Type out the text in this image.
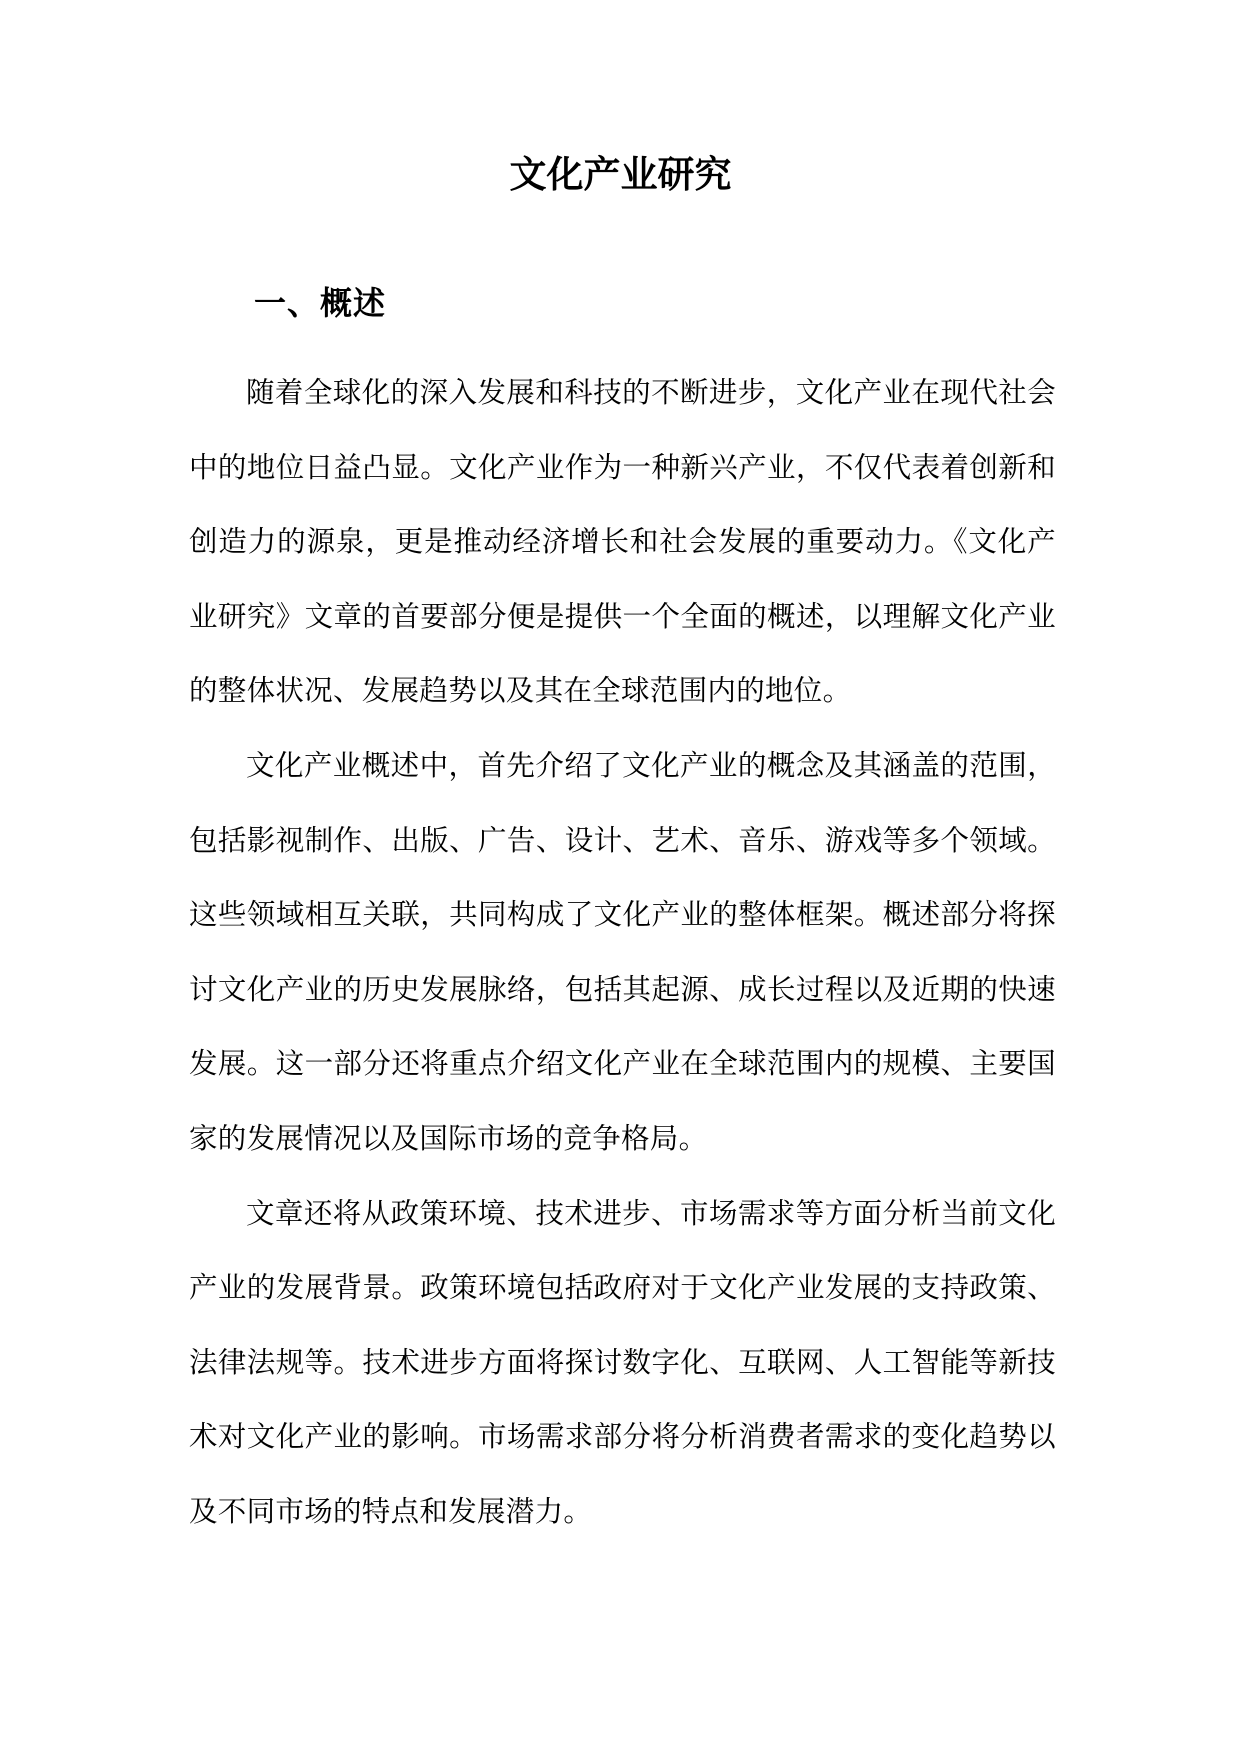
文化产业研究
一、概述

随着全球化的深入发展和科技的不断进步，文化产业在现代社会中的地位日益凸显。文化产业作为一种新兴产业，不仅代表着创新和创造力的源泉，更是推动经济增长和社会发展的重要动力。《文化产业研究》文章的首要部分便是提供一个全面的概述，以理解文化产业的整体状况、发展趋势以及其在全球范围内的地位。

文化产业概述中，首先介绍了文化产业的概念及其涵盖的范围，包括影视制作、出版、广告、设计、艺术、音乐、游戏等多个领域。这些领域相互关联，共同构成了文化产业的整体框架。概述部分将探讨文化产业的历史发展脉络，包括其起源、成长过程以及近期的快速发展。这一部分还将重点介绍文化产业在全球范围内的规模、主要国家的发展情况以及国际市场的竞争格局。

文章还将从政策环境、技术进步、市场需求等方面分析当前文化产业的发展背景。政策环境包括政府对于文化产业发展的支持政策、法律法规等。技术进步方面将探讨数字化、互联网、人工智能等新技术对文化产业的影响。市场需求部分将分析消费者需求的变化趋势以及不同市场的特点和发展潜力。
